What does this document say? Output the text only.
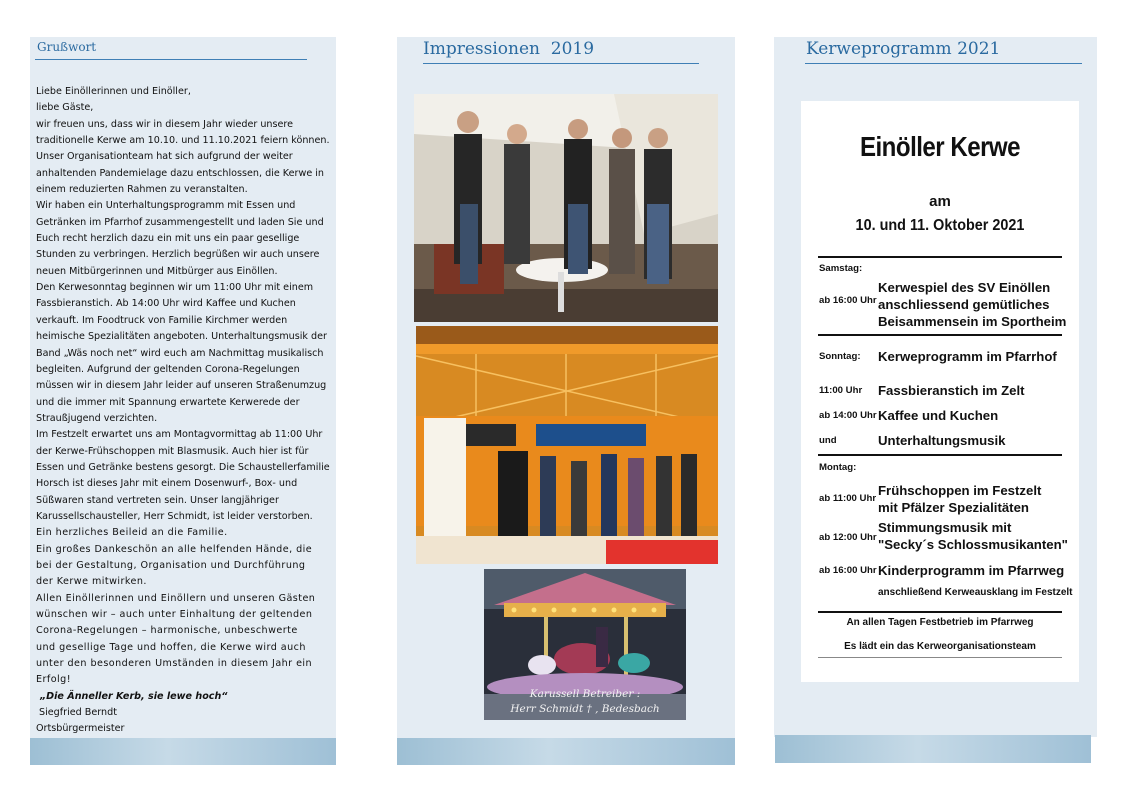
Grußwort
Liebe Einöllerinnen und Einöller,
liebe Gäste,
wir freuen uns, dass wir in diesem Jahr wieder unsere
traditionelle Kerwe am 10.10. und 11.10.2021 feiern können.
Unser Organisationteam hat sich aufgrund der weiter
anhaltenden Pandemielage dazu entschlossen, die Kerwe in
einem reduzierten Rahmen zu veranstalten.
Wir haben ein Unterhaltungsprogramm mit Essen und
Getränken im Pfarrhof zusammengestellt und laden Sie und
Euch recht herzlich dazu ein mit uns ein paar gesellige
Stunden zu verbringen. Herzlich begrüßen wir auch unsere
neuen Mitbürgerinnen und Mitbürger aus Einöllen.
Den Kerwesonntag beginnen wir um 11:00 Uhr mit einem
Fassbieranstich. Ab 14:00 Uhr wird Kaffee und Kuchen
verkauft. Im Foodtruck von Familie Kirchmer werden
heimische Spezialitäten angeboten. Unterhaltungsmusik der
Band „Wäs noch net“ wird euch am Nachmittag musikalisch
begleiten. Aufgrund der geltenden Corona-Regelungen
müssen wir in diesem Jahr leider auf unseren Straßenumzug
und die immer mit Spannung erwartete Kerwerede der
Straußjugend verzichten.
Im Festzelt erwartet uns am Montagvormittag ab 11:00 Uhr
der Kerwe-Frühschoppen mit Blasmusik. Auch hier ist für
Essen und Getränke bestens gesorgt. Die Schaustellerfamilie
Horsch ist dieses Jahr mit einem Dosenwurf-, Box- und
Süßwaren stand vertreten sein. Unser langjähriger
Karussellschausteller, Herr Schmidt, ist leider verstorben.
Ein herzliches Beileid an die Familie.
Ein großes Dankeschön an alle helfenden Hände, die
bei der Gestaltung, Organisation und Durchführung
der Kerwe mitwirken.
Allen Einöllerinnen und Einöllern und unseren Gästen
wünschen wir – auch unter Einhaltung der geltenden
Corona-Regelungen – harmonische, unbeschwerte
und gesellige Tage und hoffen, die Kerwe wird auch
unter den besonderen Umständen in diesem Jahr ein
Erfolg!
„Die Änneller Kerb, sie lewe hoch“
Siegfried Berndt
Ortsbürgermeister
Impressionen  2019
Karussell Betreiber :
Herr Schmidt † , Bedesbach
Kerweprogramm 2021
Einöller Kerwe
am
10. und 11. Oktober 2021
Samstag:
ab 16:00 Uhr
Kerwespiel des SV Einöllen
anschliessend gemütliches
Beisammensein im Sportheim
Sonntag: Kerweprogramm im Pfarrhof
11:00 Uhr Fassbieranstich im Zelt
ab 14:00 Uhr Kaffee und Kuchen
und	Unterhaltungsmusik
Montag:
ab 11:00 Uhr
Frühschoppen im Festzelt
mit Pfälzer Spezialitäten
ab 12:00 Uhr
Stimmungsmusik mit
"Secky´s Schlossmusikanten"
ab 16:00 Uhr Kinderprogramm im Pfarrweg
anschließend Kerweausklang im Festzelt
An allen Tagen Festbetrieb im Pfarrweg
Es lädt ein das Kerweorganisationsteam
